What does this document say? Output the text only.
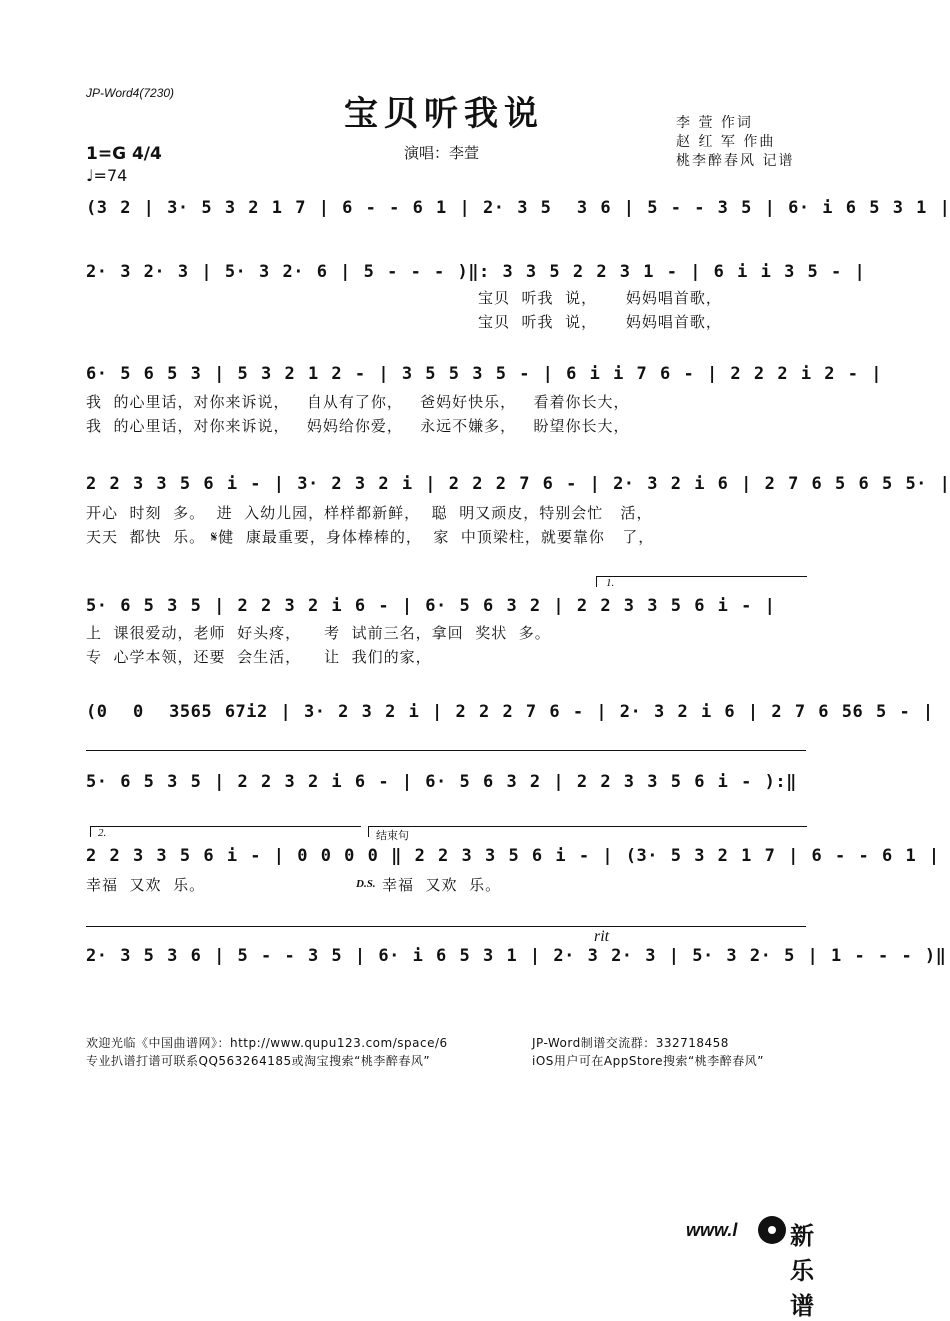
JP-Word4(7230)
宝贝听我说	李 萱 作词
赵 红 军 作曲
桃李醉春风 记谱
1=G 4/4
♩=74
演唱：李萱
(3 2 | 3· 5 3 2 1 7 | 6 - - 6 1 | 2· 3 5  3 6 | 5 - - 3 5 | 6· i 6 5 3 1 |
2· 3 2· 3 | 5· 3 2· 6 | 5 - - - )‖: 3 3 5 2 2 3 1 - | 6 i i 3 5 - |
宝贝  听我  说，     妈妈唱首歌，
宝贝  听我  说，     妈妈唱首歌，
6· 5 6 5 3 | 5 3 2 1 2 - | 3 5 5 3 5 - | 6 i i 7 6 - | 2 2 2 i 2 - |
我  的心里话，对你来诉说，   自从有了你，   爸妈好快乐，   看着你长大，
我  的心里话，对你来诉说，   妈妈给你爱，   永远不嫌多，   盼望你长大，
2 2 3 3 5 6 i - | 3· 2 3 2 i | 2 2 2 7 6 - | 2· 3 2 i 6 | 2 7 6 5 6 5 5· |
开心  时刻  多。  进  入幼儿园，样样都新鲜，  聪  明又顽皮，特别会忙   活，
天天  都快  乐。 𝄋健  康最重要，身体棒棒的，  家  中顶梁柱，就要靠你   了，
1.
5· 6 5 3 5 | 2 2 3 2 i 6 - | 6· 5 6 3 2 | 2 2 3 3 5 6 i - |
上  课很爱动，老师  好头疼，    考  试前三名，拿回  奖状  多。
专  心学本领，还要  会生活，    让  我们的家，
(0  0  3565 67i2 | 3· 2 3 2 i | 2 2 2 7 6 - | 2· 3 2 i 6 | 2 7 6 56 5 - |
5· 6 5 3 5 | 2 2 3 2 i 6 - | 6· 5 6 3 2 | 2 2 3 3 5 6 i - ):‖
2.	结束句
2 2 3 3 5 6 i - | 0 0 0 0 ‖ 2 2 3 3 5 6 i - | (3· 5 3 2 1 7 | 6 - - 6 1 |
幸福  又欢  乐。	D.S. 幸福  又欢  乐。
rit
2· 3 5 3 6 | 5 - - 3 5 | 6· i 6 5 3 1 | 2· 3 2· 3 | 5· 3 2· 5 | 1 - - - )‖
欢迎光临《中国曲谱网》：http://www.qupu123.com/space/6
专业扒谱打谱可联系QQ563264185或淘宝搜索“桃李醉春风”
JP-Word制谱交流群：332718458
iOS用户可在AppStore搜索“桃李醉春风”
www.l 新乐谱
